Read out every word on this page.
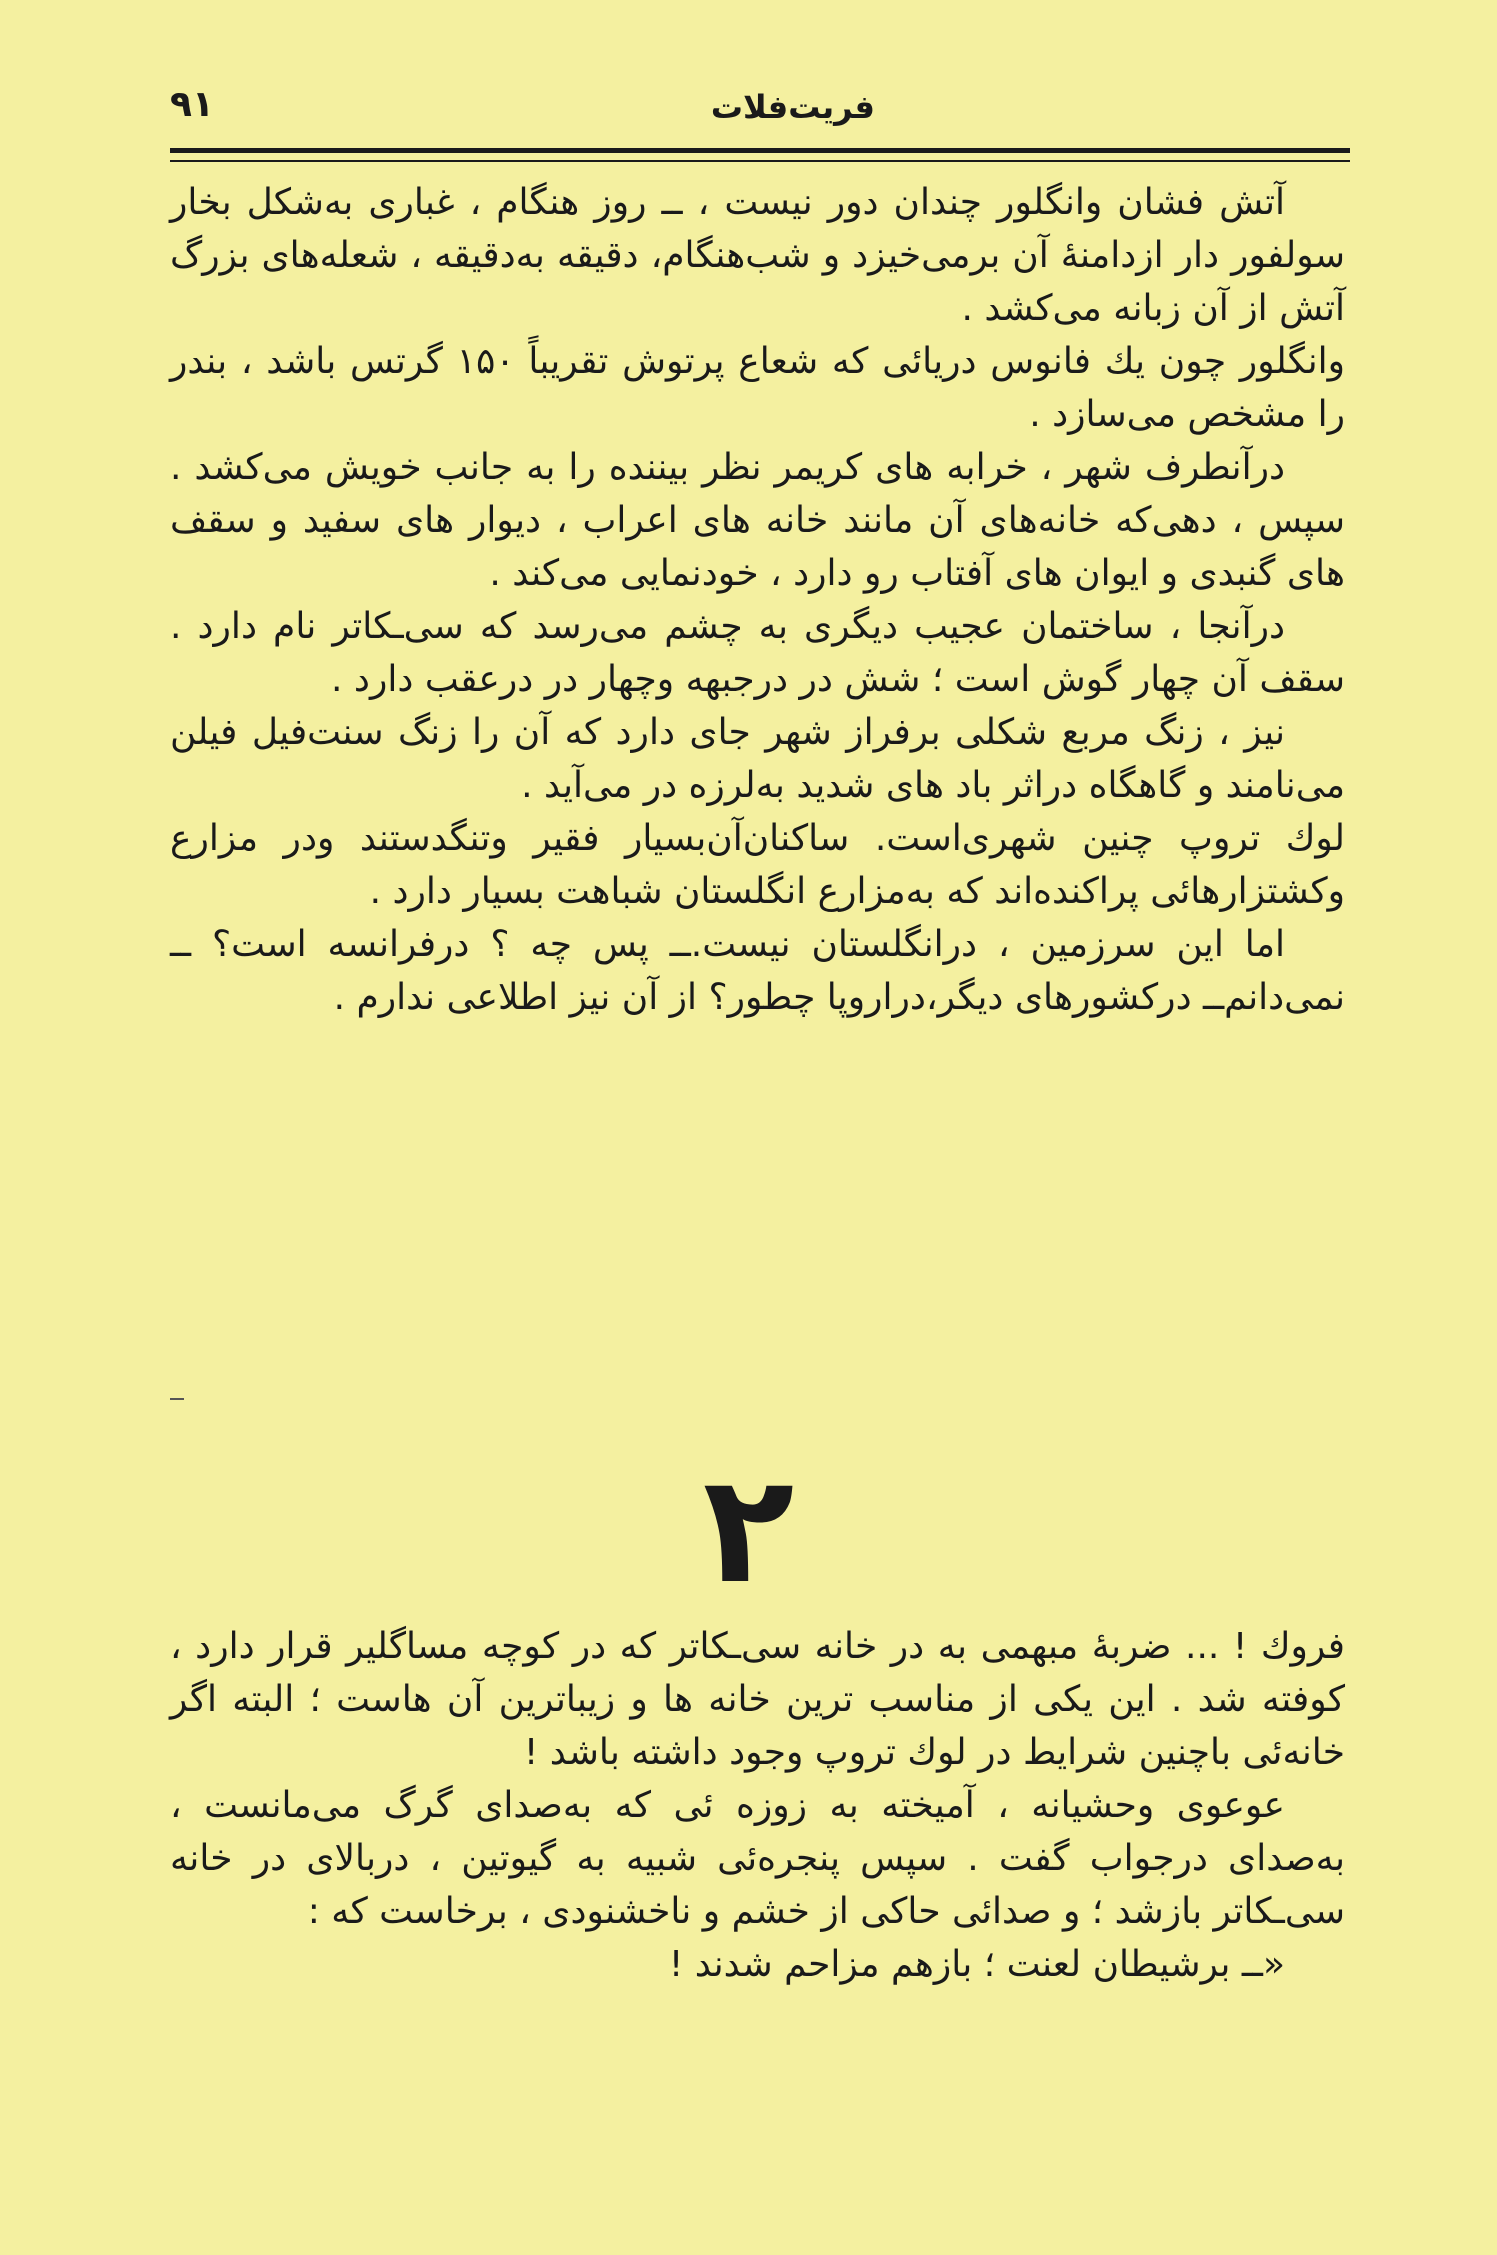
فریت‌فلات
۹۱

آتش فشان وانگلور چندان دور نیست ، ــ روز هنگام ، غباری به‌شکل بخار سولفور دار ازدامنهٔ آن برمی‌خیزد و شب‌هنگام، دقیقه به‌دقیقه ، شعله‌های بزرگ آتش از آن زبانه می‌کشد .

وانگلور چون یك فانوس دریائی که شعاع پرتوش تقریباً ۱۵۰ گرتس باشد ، بندر را مشخص می‌سازد .

درآنطرف شهر ، خرابه های کریمر نظر بیننده را به جانب خویش می‌کشد . سپس ، دهی‌که خانه‌های آن مانند خانه های اعراب ، دیوار های سفید و سقف های گنبدی و ایوان های آفتاب رو دارد ، خودنمایی می‌کند .

درآنجا ، ساختمان عجیب دیگری به چشم می‌رسد که سی‌ـکاتر نام دارد . سقف آن چهار گوش است ؛ شش در درجبهه وچهار در درعقب دارد .

نیز ، زنگ مربع شکلی برفراز شهر جای دارد که آن را زنگ سنت‌فیل فیلن می‌نامند و گاهگاه دراثر باد های شدید به‌لرزه در می‌آید .

لوك تروپ چنین شهری‌است. ساکنان‌آن‌بسیار فقیر وتنگدستند ودر مزارع وکشتزارهائی پراکنده‌اند که به‌مزارع انگلستان شباهت بسیار دارد .

اما این سرزمین ، درانگلستان نیست.ــ پس چه ؟ درفرانسه است؟ ــ نمی‌دانم‌ــ درکشورهای دیگر،دراروپا چطور؟ از آن نیز اطلاعی ندارم .

۲

فروك ! ... ضربهٔ مبهمی به در خانه سی‌ـکاتر که در کوچه مساگلیر قرار دارد ، کوفته شد . این یکی از مناسب ترین خانه ها و زیباترین آن هاست ؛ البته اگر خانه‌ئی باچنین شرایط در لوك تروپ وجود داشته باشد !

عوعوی وحشیانه ، آمیخته به زوزه ئی که به‌صدای گرگ می‌مانست ، به‌صدای درجواب گفت . سپس پنجره‌ئی شبیه به گیوتین ، دربالای در خانه سی‌ـکاتر بازشد ؛ و صدائی حاکی از خشم و ناخشنودی ، برخاست که :

«ــ برشیطان لعنت ؛ بازهم مزاحم شدند !
